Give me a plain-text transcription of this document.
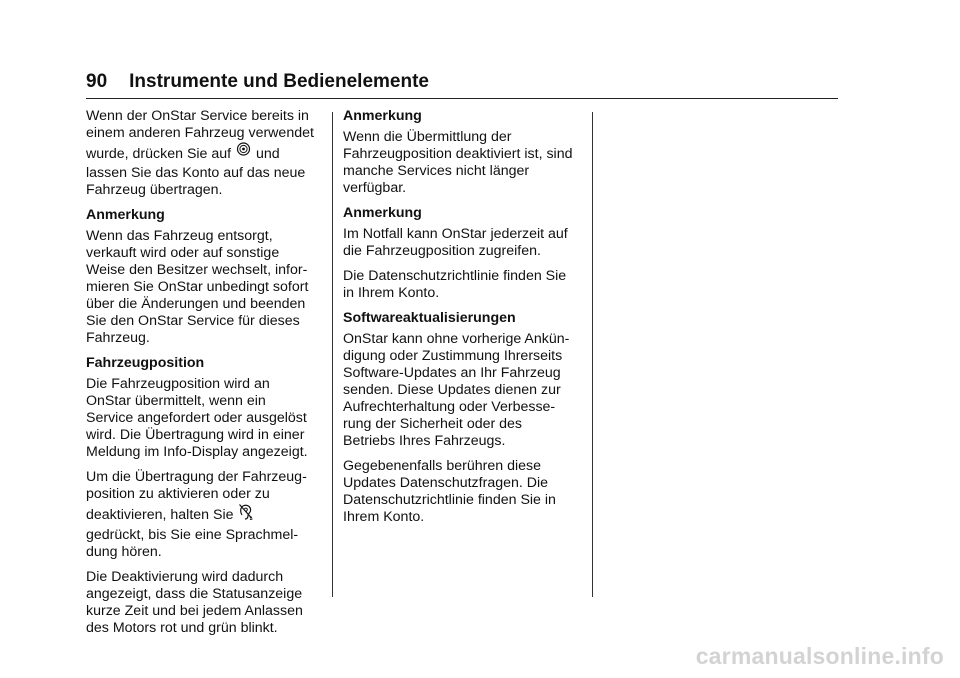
90 Instrumente und Bedienelemente

Wenn der OnStar Service bereits in
einem anderen Fahrzeug verwendet
wurde, drücken Sie auf und
lassen Sie das Konto auf das neue
Fahrzeug übertragen.

Anmerkung

Wenn das Fahrzeug entsorgt,
verkauft wird oder auf sonstige
Weise den Besitzer wechselt, infor-
mieren Sie OnStar unbedingt sofort
über die Änderungen und beenden
Sie den OnStar Service für dieses
Fahrzeug.

Fahrzeugposition

Die Fahrzeugposition wird an
OnStar übermittelt, wenn ein
Service angefordert oder ausgelöst
wird. Die Übertragung wird in einer
Meldung im Info-Display angezeigt.

Um die Übertragung der Fahrzeug-
position zu aktivieren oder zu
deaktivieren, halten Sie
gedrückt, bis Sie eine Sprachmel-
dung hören.

Die Deaktivierung wird dadurch
angezeigt, dass die Statusanzeige
kurze Zeit und bei jedem Anlassen
des Motors rot und grün blinkt.

Anmerkung

Wenn die Übermittlung der
Fahrzeugposition deaktiviert ist, sind
manche Services nicht länger
verfügbar.

Anmerkung

Im Notfall kann OnStar jederzeit auf
die Fahrzeugposition zugreifen.

Die Datenschutzrichtlinie finden Sie
in Ihrem Konto.

Softwareaktualisierungen

OnStar kann ohne vorherige Ankün-
digung oder Zustimmung Ihrerseits
Software-Updates an Ihr Fahrzeug
senden. Diese Updates dienen zur
Aufrechterhaltung oder Verbesse-
rung der Sicherheit oder des
Betriebs Ihres Fahrzeugs.

Gegebenenfalls berühren diese
Updates Datenschutzfragen. Die
Datenschutzrichtlinie finden Sie in
Ihrem Konto.

carmanualsonline.info
